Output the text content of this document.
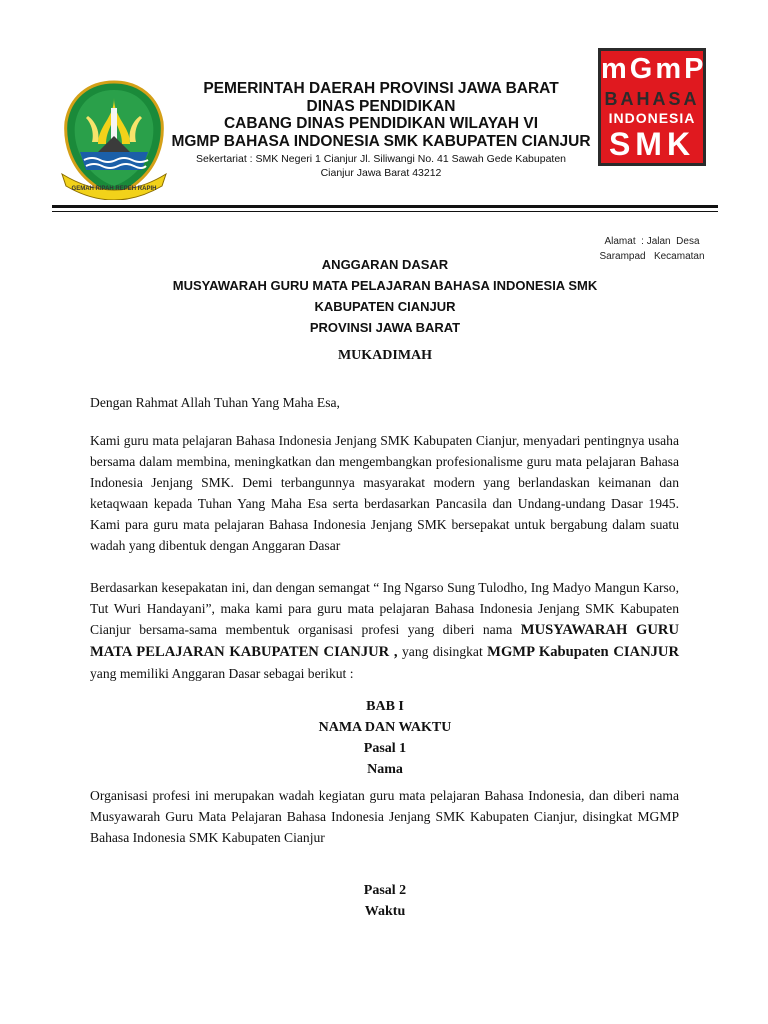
GEMAH RIPAH REPEH RAPIH
mGmP
BAHASA
INDONESIA
SMK
PEMERINTAH DAERAH PROVINSI JAWA BARAT
DINAS PENDIDIKAN
CABANG DINAS PENDIDIKAN WILAYAH VI
MGMP BAHASA INDONESIA SMK KABUPATEN CIANJUR
Sekertariat : SMK Negeri 1 Cianjur Jl. Siliwangi No. 41 Sawah Gede Kabupaten
Cianjur Jawa Barat 43212
Alamat  : Jalan  Desa
Sarampad   Kecamatan
ANGGARAN DASAR
MUSYAWARAH GURU MATA PELAJARAN BAHASA INDONESIA SMK
KABUPATEN CIANJUR
PROVINSI JAWA BARAT
MUKADIMAH

Dengan Rahmat Allah Tuhan Yang Maha Esa,

Kami guru mata pelajaran Bahasa Indonesia Jenjang SMK Kabupaten Cianjur, menyadari pentingnya usaha bersama dalam membina, meningkatkan dan mengembangkan profesionalisme guru mata pelajaran Bahasa Indonesia Jenjang SMK. Demi terbangunnya masyarakat modern yang berlandaskan keimanan dan ketaqwaan kepada Tuhan Yang Maha Esa serta berdasarkan Pancasila dan Undang-undang Dasar 1945. Kami para guru mata pelajaran Bahasa Indonesia Jenjang SMK bersepakat untuk bergabung dalam suatu wadah yang dibentuk dengan Anggaran Dasar

Berdasarkan kesepakatan ini, dan dengan semangat “ Ing Ngarso Sung Tulodho, Ing Madyo Mangun Karso, Tut Wuri Handayani”, maka kami para guru mata pelajaran Bahasa Indonesia Jenjang SMK Kabupaten Cianjur bersama-sama membentuk organisasi profesi yang diberi nama MUSYAWARAH GURU MATA PELAJARAN KABUPATEN CIANJUR , yang disingkat MGMP Kabupaten CIANJUR yang memiliki Anggaran Dasar sebagai berikut :

BAB I
NAMA DAN WAKTU
Pasal 1
Nama

Organisasi profesi ini merupakan wadah kegiatan guru mata pelajaran Bahasa Indonesia, dan diberi nama  Musyawarah Guru Mata Pelajaran Bahasa Indonesia Jenjang SMK Kabupaten Cianjur, disingkat MGMP  Bahasa Indonesia SMK Kabupaten Cianjur

Pasal 2
Waktu
